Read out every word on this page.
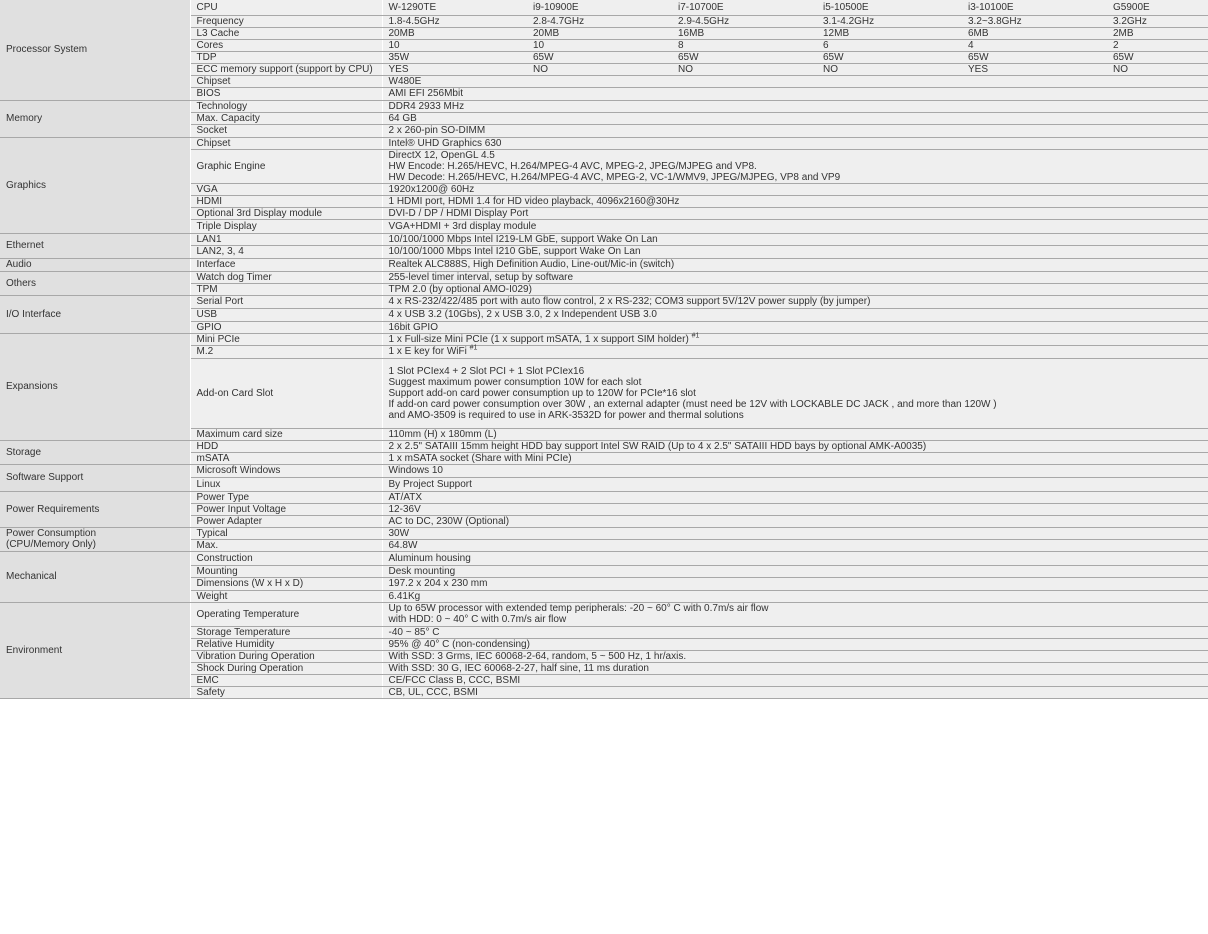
Processor System	CPU	W-1290TE	i9-10900E	i7-10700E	i5-10500E	i3-10100E	G5900E
	Frequency	1.8-4.5GHz	2.8-4.7GHz	2.9-4.5GHz	3.1-4.2GHz	3.2~3.8GHz	3.2GHz
	L3 Cache	20MB	20MB	16MB	12MB	6MB	2MB
	Cores	10	10	8	6	4	2
	TDP	35W	65W	65W	65W	65W	65W
	ECC memory support (support by CPU)	YES	NO	NO	NO	YES	NO
	Chipset	W480E					
	BIOS	AMI EFI 256Mbit					
Memory	Technology	DDR4 2933 MHz					
	Max. Capacity	64 GB					
	Socket	2 x 260-pin SO-DIMM					
Graphics	Chipset	Intel® UHD Graphics 630					
	Graphic Engine	DirectX 12, OpenGL 4.5
HW Encode: H.265/HEVC, H.264/MPEG-4 AVC, MPEG-2, JPEG/MJPEG and VP8.
HW Decode: H.265/HEVC, H.264/MPEG-4 AVC, MPEG-2, VC-1/WMV9, JPEG/MJPEG, VP8 and VP9					
	VGA	1920x1200@ 60Hz					
	HDMI	1 HDMI port, HDMI 1.4 for HD video playback, 4096x2160@30Hz					
	Optional 3rd Display module	DVI-D / DP / HDMI Display Port					
	Triple Display	VGA+HDMI + 3rd display module					
Ethernet	LAN1	10/100/1000 Mbps Intel I219-LM GbE, support Wake On Lan					
	LAN2, 3, 4	10/100/1000 Mbps Intel I210 GbE, support Wake On Lan					
Audio	Interface	Realtek ALC888S, High Definition Audio, Line-out/Mic-in (switch)					
Others	Watch dog Timer	255-level timer interval, setup by software					
	TPM	TPM 2.0 (by optional AMO-I029)					
I/O Interface	Serial Port	4 x RS-232/422/485 port with auto flow control, 2 x RS-232; COM3 support 5V/12V power supply (by jumper)					
	USB	4 x USB 3.2 (10Gbs), 2 x USB 3.0, 2 x Independent USB 3.0					
	GPIO	16bit GPIO					
Expansions	Mini PCIe	1 x Full-size Mini PCIe (1 x support mSATA, 1 x support SIM holder) $^{\#1}$
	M.2	1 x E key for WiFi $^{\#1}$
	Add-on Card Slot	1 Slot PCIex4 + 2 Slot PCI + 1 Slot PCIex16
Suggest maximum power consumption 10W for each slot
Support add-on card power consumption up to 120W for PCIe*16 slot
If add-on card power consumption over 30W , an external adapter (must need be 12V with LOCKABLE DC JACK , and more than 120W )
and AMO-3509 is required to use in ARK-3532D for power and thermal solutions					
	Maximum card size	110mm (H) x 180mm (L)					
Storage	HDD	2 x 2.5" SATAIII 15mm height HDD bay support Intel SW RAID (Up to 4 x 2.5" SATAIII HDD bays by optional AMK-A0035)					
	mSATA	1 x mSATA socket (Share with Mini PCIe)					
Software Support	Microsoft Windows	Windows 10					
	Linux	By Project Support					
Power Requirements	Power Type	AT/ATX					
	Power Input Voltage	12-36V					
	Power Adapter	AC to DC, 230W (Optional)					
Power Consumption
(CPU/Memory Only)	Typical	30W					
	Max.	64.8W					
Mechanical	Construction	Aluminum housing					
	Mounting	Desk mounting					
	Dimensions (W x H x D)	197.2 x 204 x 230 mm					
	Weight	6.41Kg					
Environment	Operating Temperature	Up to 65W processor with extended temp peripherals: -20 ~ 60° C with 0.7m/s air flow
with HDD: 0 ~ 40° C with 0.7m/s air flow					
	Storage Temperature	-40 ~ 85° C					
	Relative Humidity	95% @ 40° C (non-condensing)					
	Vibration During Operation	With SSD: 3 Grms, IEC 60068-2-64, random, 5 ~ 500 Hz, 1 hr/axis.					
	Shock During Operation	With SSD: 30 G, IEC 60068-2-27, half sine, 11 ms duration					
	EMC	CE/FCC Class B, CCC, BSMI					
	Safety	CB, UL, CCC, BSMI					
